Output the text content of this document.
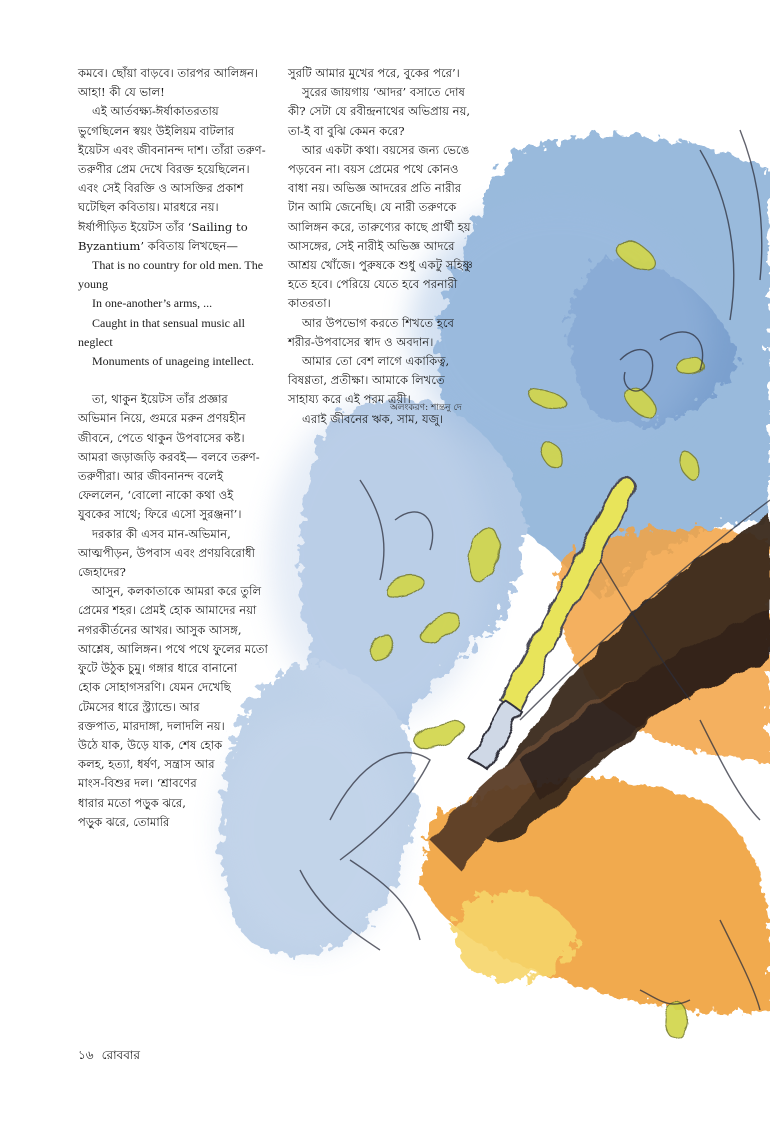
কমবে। ছোঁয়া বাড়বে। তারপর আলিঙ্গন।

আহা! কী যে ভাল!

এই আর্তবক্ষ্য-ঈর্ষাকাতরতায়

ভুগেছিলেন স্বয়ং উইলিয়ম বাটলার

ইয়েটস এবং জীবনানন্দ দাশ। তাঁরা তরুণ-

তরুণীর প্রেম দেখে বিরক্ত হয়েছিলেন।

এবং সেই বিরক্তি ও আসক্তির প্রকাশ

ঘটেছিল কবিতায়। মারধরে নয়।

ঈর্ষাপীড়িত ইয়েটস তাঁর ‘Sailing to

Byzantium’ কবিতায় লিখছেন—

That is no country for old men. The

young

In one-another’s arms, ...

Caught in that sensual music all

neglect

Monuments of unageing intellect.

তা, থাকুন ইয়েটস তাঁর প্রজ্ঞার

অভিমান নিয়ে, গুমরে মরুন প্রণয়হীন

জীবনে, পেতে থাকুন উপবাসের কষ্ট।

আমরা জড়াজড়ি করবই— বলবে তরুণ-

তরুণীরা। আর জীবনানন্দ বলেই

ফেললেন, ‘বোলো নাকো কথা ওই

যুবকের সাথে; ফিরে এসো সুরঞ্জনা’।

দরকার কী এসব মান-অভিমান,

আত্মপীড়ন, উপবাস এবং প্রণয়বিরোধী

জেহাদের?

আসুন, কলকাতাকে আমরা করে তুলি

প্রেমের শহর। প্রেমই হোক আমাদের নয়া

নগরকীর্তনের আখর। আসুক আসঙ্গ,

আশ্লেষ, আলিঙ্গন। পথে পথে ফুলের মতো

ফুটে উঠুক চুমু। গঙ্গার ধারে বানানো

হোক সোহাগসরণি। যেমন দেখেছি

টেমসের ধারে স্ট্র্যান্ডে। আর

রক্তপাত, মারদাঙ্গা, দলাদলি নয়।

উঠে যাক, উড়ে যাক, শেষ হোক

কলহ, হত্যা, ধর্ষণ, সন্ত্রাস আর

মাংস-বিশুর দল। ‘শ্রাবণের

ধারার মতো পড়ুক ঝরে,

পড়ুক ঝরে, তোমারি

সুরটি আমার মুখের পরে, বুকের পরে’।

সুরের জায়গায় ‘আদর’ বসাতে দোষ

কী? সেটা যে রবীন্দ্রনাথের অভিপ্রায় নয়,

তা-ই বা বুঝি কেমন করে?

আর একটা কথা। বয়সের জন্য ভেঙে

পড়বেন না। বয়স প্রেমের পথে কোনও

বাধা নয়। অভিজ্ঞ আদরের প্রতি নারীর

টান আমি জেনেছি। যে নারী তরুণকে

আলিঙ্গন করে, তারুণ্যের কাছে প্রার্থী হয়

আসঙ্গের, সেই নারীই অভিজ্ঞ আদরে

আশ্রয় খোঁজে। পুরুষকে শুধু একটু সহিষ্ণু

হতে হবে। পেরিয়ে যেতে হবে পরনারী

কাতরতা।

আর উপভোগ করতে শিখতে হবে

শরীর-উপবাসের স্বাদ ও অবদান।

আমার তো বেশ লাগে একাকিত্ব,

বিষণ্ণতা, প্রতীক্ষা। আমাকে লিখতে

সাহায্য করে এই পরম ত্রয়ী।

এরাই জীবনের ঋক, সাম, যজু।

অলংকরণ: শান্তনু দে
১৬ রোববার
